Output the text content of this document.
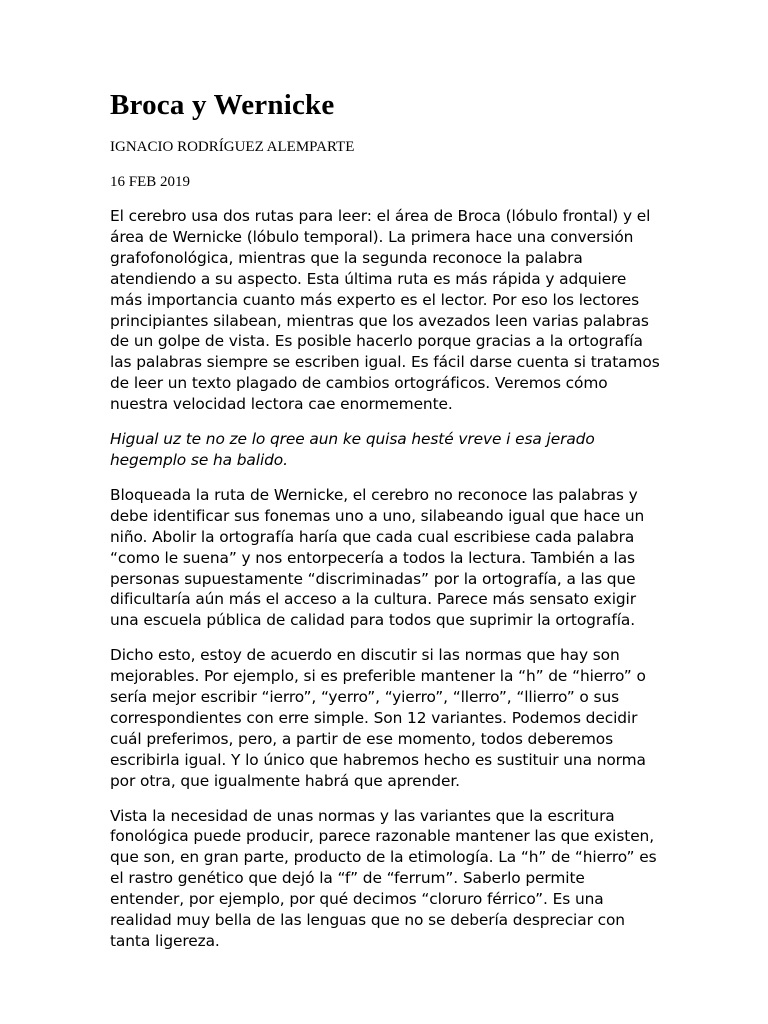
Broca y Wernicke
IGNACIO RODRÍGUEZ ALEMPARTE
16 FEB 2019

El cerebro usa dos rutas para leer: el área de Broca (lóbulo frontal) y el área de Wernicke (lóbulo temporal). La primera hace una conversión grafofonológica, mientras que la segunda reconoce la palabra atendiendo a su aspecto. Esta última ruta es más rápida y adquiere más importancia cuanto más experto es el lector. Por eso los lectores principiantes silabean, mientras que los avezados leen varias palabras de un golpe de vista. Es posible hacerlo porque gracias a la ortografía las palabras siempre se escriben igual. Es fácil darse cuenta si tratamos de leer un texto plagado de cambios ortográficos. Veremos cómo nuestra velocidad lectora cae enormemente.

Higual uz te no ze lo qree aun ke quisa hesté vreve i esa jerado hegemplo se ha balido.

Bloqueada la ruta de Wernicke, el cerebro no reconoce las palabras y debe identificar sus fonemas uno a uno, silabeando igual que hace un niño. Abolir la ortografía haría que cada cual escribiese cada palabra “como le suena” y nos entorpecería a todos la lectura. También a las personas supuestamente “discriminadas” por la ortografía, a las que dificultaría aún más el acceso a la cultura. Parece más sensato exigir una escuela pública de calidad para todos que suprimir la ortografía.

Dicho esto, estoy de acuerdo en discutir si las normas que hay son mejorables. Por ejemplo, si es preferible mantener la “h” de “hierro” o sería mejor escribir “ierro”, “yerro”, “yierro”, “llerro”, “llierro” o sus correspondientes con erre simple. Son 12 variantes. Podemos decidir cuál preferimos, pero, a partir de ese momento, todos deberemos escribirla igual. Y lo único que habremos hecho es sustituir una norma por otra, que igualmente habrá que aprender.

Vista la necesidad de unas normas y las variantes que la escritura fonológica puede producir, parece razonable mantener las que existen, que son, en gran parte, producto de la etimología. La “h” de “hierro” es el rastro genético que dejó la “f” de “ferrum”. Saberlo permite entender, por ejemplo, por qué decimos “cloruro férrico”. Es una realidad muy bella de las lenguas que no se debería despreciar con tanta ligereza.
